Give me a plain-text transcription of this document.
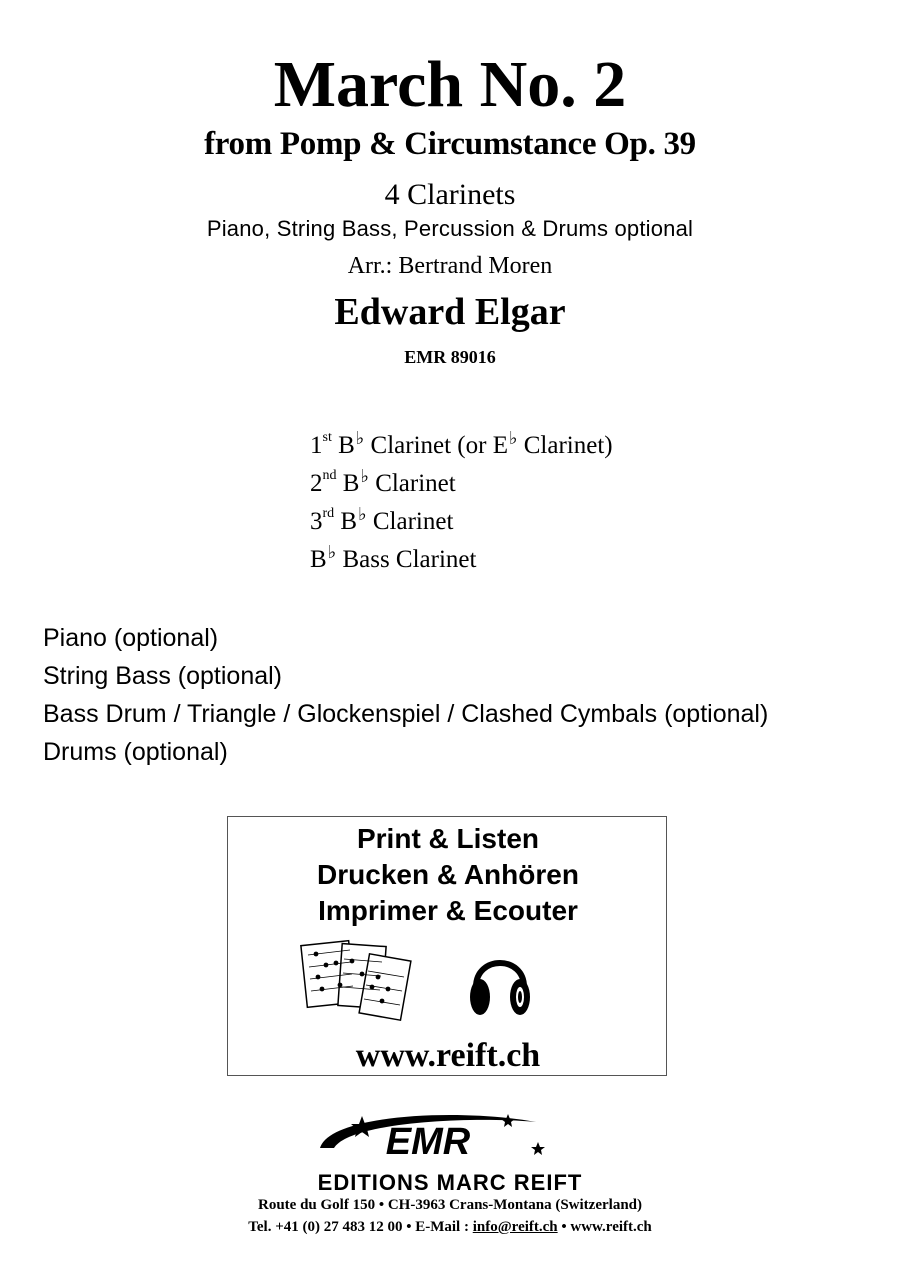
March No. 2
from Pomp & Circumstance Op. 39
4 Clarinets
Piano, String Bass, Percussion & Drums optional
Arr.: Bertrand Moren
Edward Elgar
EMR 89016
1st B♭ Clarinet (or E♭ Clarinet)
2nd B♭ Clarinet
3rd B♭ Clarinet
B♭ Bass Clarinet
Piano (optional)
String Bass (optional)
Bass Drum / Triangle / Glockenspiel / Clashed Cymbals (optional)
Drums (optional)
Print & Listen
Drucken & Anhören
Imprimer & Ecouter
www.reift.ch
EMR
EDITIONS MARC REIFT
Route du Golf 150 • CH-3963 Crans-Montana (Switzerland)
Tel. +41 (0) 27 483 12 00 • E-Mail : info@reift.ch • www.reift.ch
